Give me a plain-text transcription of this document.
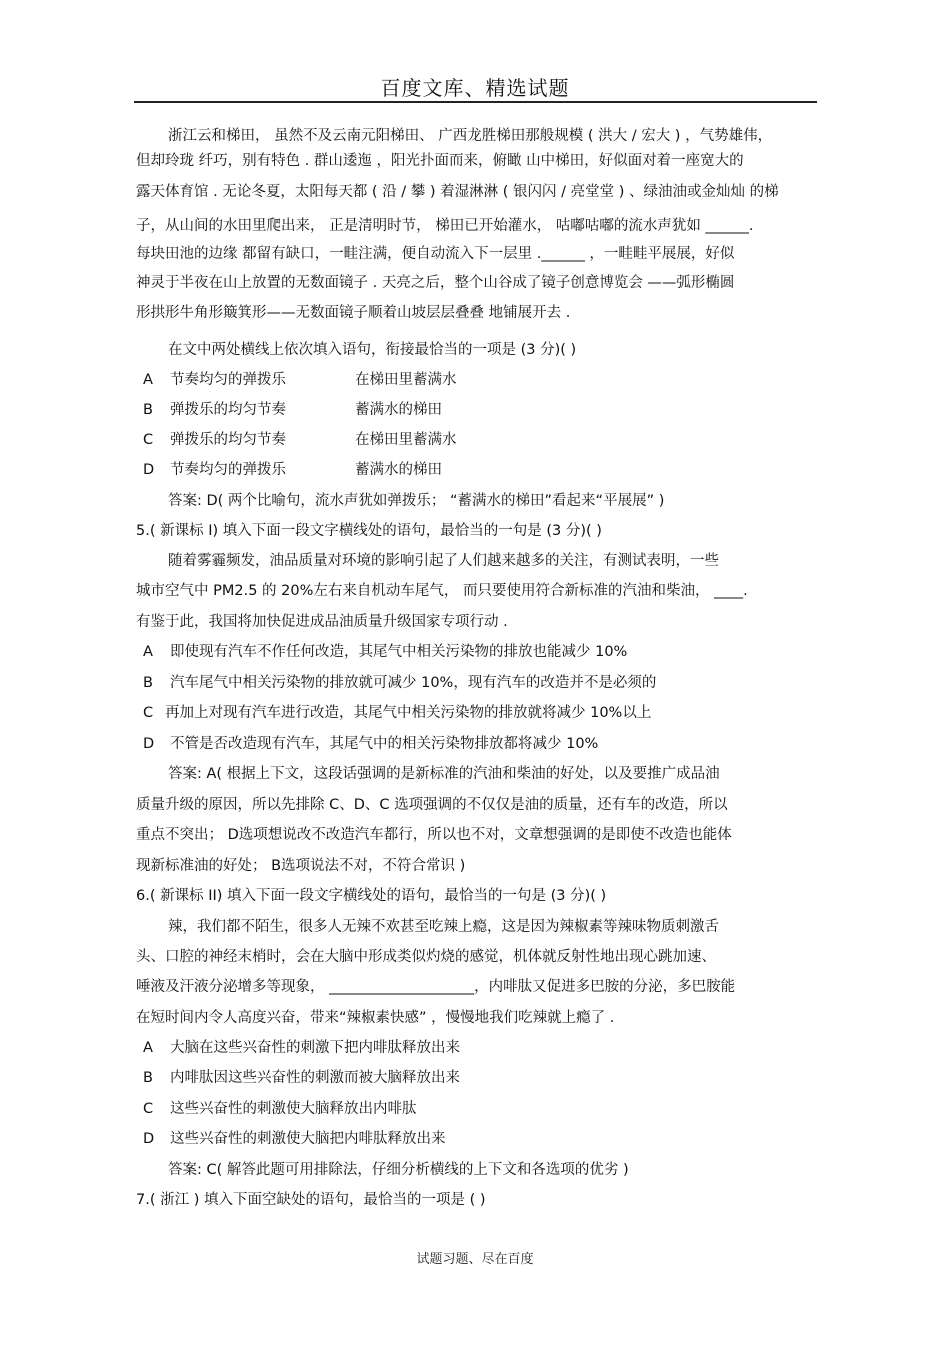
百度文库、精选试题
浙江云和梯田， 虽然不及云南元阳梯田、 广西龙胜梯田那般规模 ( 洪大 / 宏大 ) ，气势雄伟，
但却玲珑 纤巧，别有特色 . 群山逶迤 ，阳光扑面而来，俯瞰 山中梯田，好似面对着一座宽大的
露天体育馆 . 无论冬夏，太阳每天都 ( 沿 / 攀 ) 着湿淋淋 ( 银闪闪 / 亮堂堂 ) 、绿油油或金灿灿 的梯
子，从山间的水田里爬出来， 正是清明时节， 梯田已开始灌水， 咕嘟咕嘟的流水声犹如 ______.
每块田池的边缘 都留有缺口，一畦注满，便自动流入下一层里 .______ ，一畦畦平展展，好似
神灵于半夜在山上放置的无数面镜子 . 天亮之后，整个山谷成了镜子创意博览会 ——弧形椭圆
形拱形牛角形簸箕形——无数面镜子顺着山坡层层叠叠 地铺展开去 .
在文中两处横线上依次填入语句，衔接最恰当的一项是 (3 分)( )
A 节奏均匀的弹拨乐	在梯田里蓄满水
B 弹拨乐的均匀节奏	蓄满水的梯田
C 弹拨乐的均匀节奏	在梯田里蓄满水
D 节奏均匀的弹拨乐	蓄满水的梯田
答案: D( 两个比喻句，流水声犹如弹拨乐； “蓄满水的梯田”看起来“平展展” )
5.( 新课标 I) 填入下面一段文字横线处的语句，最恰当的一句是 (3 分)( )
随着雾霾频发，油品质量对环境的影响引起了人们越来越多的关注，有测试表明，一些
城市空气中 PM2.5 的 20%左右来自机动车尾气， 而只要使用符合新标准的汽油和柴油， ____.
有鉴于此，我国将加快促进成品油质量升级国家专项行动 .
A 即使现有汽车不作任何改造，其尾气中相关污染物的排放也能减少 10%
B 汽车尾气中相关污染物的排放就可减少 10%，现有汽车的改造并不是必须的
C 再加上对现有汽车进行改造，其尾气中相关污染物的排放就将减少 10%以上
D 不管是否改造现有汽车，其尾气中的相关污染物排放都将减少 10%
答案: A( 根据上下文，这段话强调的是新标准的汽油和柴油的好处，以及要推广成品油
质量升级的原因，所以先排除 C、D、C 选项强调的不仅仅是油的质量，还有车的改造，所以
重点不突出； D选项想说改不改造汽车都行，所以也不对，文章想强调的是即使不改造也能体
现新标准油的好处； B选项说法不对，不符合常识 )
6.( 新课标 II) 填入下面一段文字横线处的语句，最恰当的一句是 (3 分)( )
辣，我们都不陌生，很多人无辣不欢甚至吃辣上瘾，这是因为辣椒素等辣味物质刺激舌
头、口腔的神经末梢时，会在大脑中形成类似灼烧的感觉，机体就反射性地出现心跳加速、
唾液及汗液分泌增多等现象， ____________________，内啡肽又促进多巴胺的分泌，多巴胺能
在短时间内令人高度兴奋，带来“辣椒素快感” ，慢慢地我们吃辣就上瘾了 .
A 大脑在这些兴奋性的刺激下把内啡肽释放出来
B 内啡肽因这些兴奋性的刺激而被大脑释放出来
C 这些兴奋性的刺激使大脑释放出内啡肽
D 这些兴奋性的刺激使大脑把内啡肽释放出来
答案: C( 解答此题可用排除法，仔细分析横线的上下文和各选项的优劣 )
7.( 浙江 ) 填入下面空缺处的语句，最恰当的一项是 ( )
试题习题、尽在百度
